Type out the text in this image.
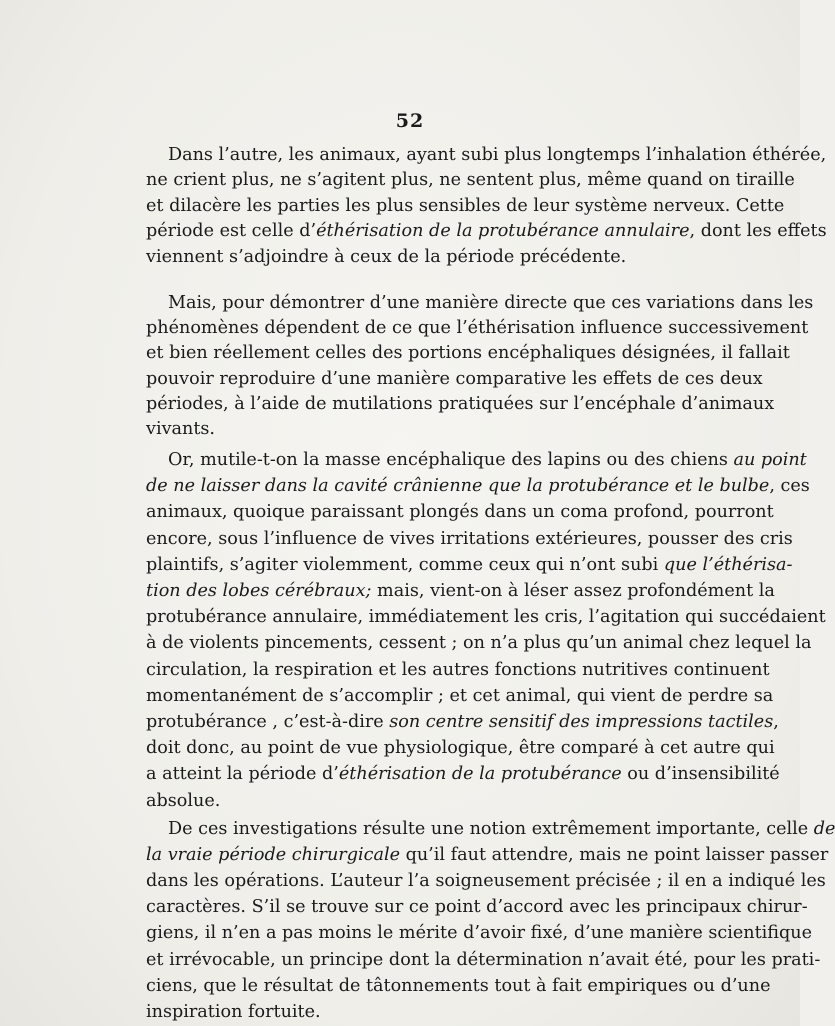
52
Dans l’autre, les animaux, ayant subi plus longtemps l’inhalation éthérée,
ne crient plus, ne s’agitent plus, ne sentent plus, même quand on tiraille
et dilacère les parties les plus sensibles de leur système nerveux. Cette
période est celle d’éthérisation de la protubérance annulaire, dont les effets
viennent s’adjoindre à ceux de la période précédente.
Mais, pour démontrer d’une manière directe que ces variations dans les
phénomènes dépendent de ce que l’éthérisation influence successivement
et bien réellement celles des portions encéphaliques désignées, il fallait
pouvoir reproduire d’une manière comparative les effets de ces deux
périodes, à l’aide de mutilations pratiquées sur l’encéphale d’animaux
vivants.
Or, mutile-t-on la masse encéphalique des lapins ou des chiens au point
de ne laisser dans la cavité crânienne que la protubérance et le bulbe, ces
animaux, quoique paraissant plongés dans un coma profond, pourront
encore, sous l’influence de vives irritations extérieures, pousser des cris
plaintifs, s’agiter violemment, comme ceux qui n’ont subi que l’éthérisa-
tion des lobes cérébraux; mais, vient-on à léser assez profondément la
protubérance annulaire, immédiatement les cris, l’agitation qui succédaient
à de violents pincements, cessent ; on n’a plus qu’un animal chez lequel la
circulation, la respiration et les autres fonctions nutritives continuent
momentanément de s’accomplir ; et cet animal, qui vient de perdre sa
protubérance , c’est-à-dire son centre sensitif des impressions tactiles,
doit donc, au point de vue physiologique, être comparé à cet autre qui
a atteint la période d’éthérisation de la protubérance ou d’insensibilité
absolue.
De ces investigations résulte une notion extrêmement importante, celle de
la vraie période chirurgicale qu’il faut attendre, mais ne point laisser passer
dans les opérations. L’auteur l’a soigneusement précisée ; il en a indiqué les
caractères. S’il se trouve sur ce point d’accord avec les principaux chirur-
giens, il n’en a pas moins le mérite d’avoir fixé, d’une manière scientifique
et irrévocable, un principe dont la détermination n’avait été, pour les prati-
ciens, que le résultat de tâtonnements tout à fait empiriques ou d’une
inspiration fortuite.
